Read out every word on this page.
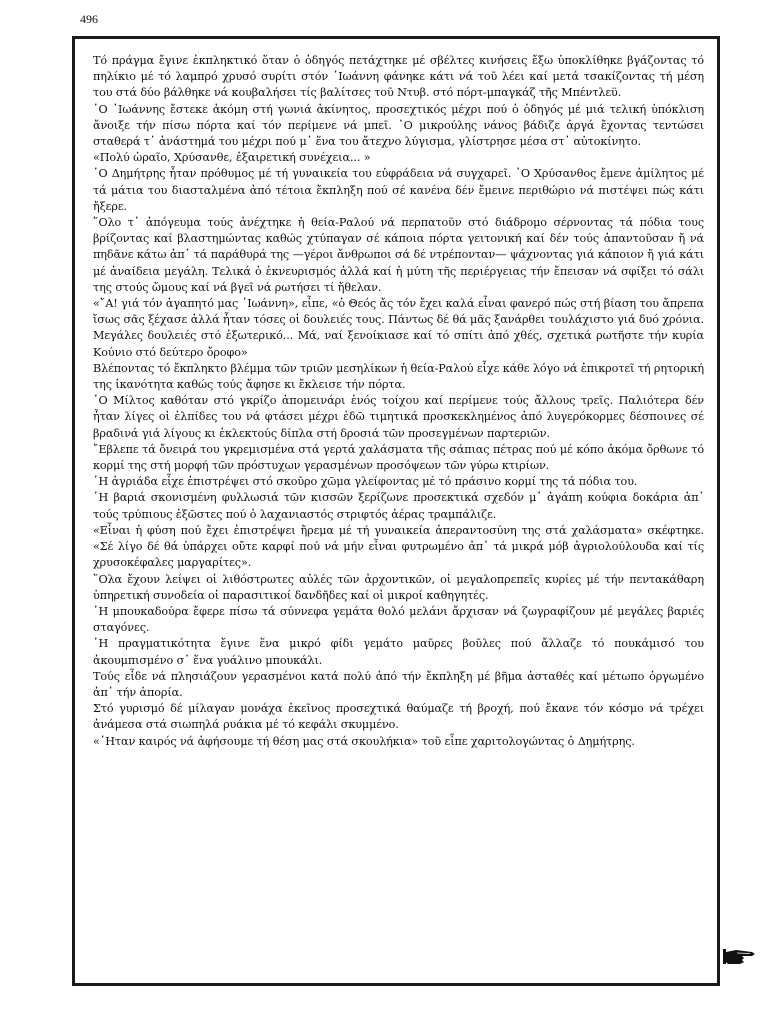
496

Τό πράγμα ἔγινε ἐκπληκτικό ὅταν ὁ ὁδηγός πετάχτηκε μέ σβέλτες κινήσεις ἔξω ὑποκλίθηκε βγάζοντας τό πηλίκιο μέ τό λαμπρό χρυσό συρίτι στόν ᾽Ιωάννη φάνηκε κάτι νά τοῦ λέει καί μετά τσακίζοντας τή μέση του στά δύο βάλθηκε νά κουβαλήσει τίς βαλίτσες τοῦ Ντυβ. στό πόρτ-μπαγκάζ τῆς Μπέντλεϋ.

῾Ο ᾽Ιωάννης ἔστεκε ἀκόμη στή γωνιά ἀκίνητος, προσεχτικός μέχρι πού ὁ ὁδηγός μέ μιά τελική ὑπόκλιση ἄνοιξε τήν πίσω πόρτα καί τόν περίμενε νά μπεῖ. ῾Ο μικρούλης νάνος βάδιζε ἀργά ἔχοντας τεντώσει σταθερά τ᾽ ἀνάστημά του μέχρι πού μ᾽ ἕνα του ἄτεχνο λύγισμα, γλίστρησε μέσα στ᾽ αὐτοκίνητο.

«Πολύ ὡραῖο, Χρύσανθε, ἐξαιρετική συνέχεια... »

῾Ο Δημήτρης ἦταν πρόθυμος μέ τή γυναικεία του εὐφράδεια νά συγχαρεῖ. ῾Ο Χρύσανθος ἔμενε ἀμίλητος μέ τά μάτια του διασταλμένα ἀπό τέτοια ἔκπληξη πού σέ κανένα δέν ἔμεινε περιθώριο νά πιστέψει πώς κάτι ἤξερε.

῞Ολο τ᾽ ἀπόγευμα τούς ἀνέχτηκε ἡ θεία-Ραλού νά περπατοῦν στό διάδρομο σέρνοντας τά πόδια τους βρίζοντας καί βλαστημώντας καθώς χτύπαγαν σέ κάποια πόρτα γειτονική καί δέν τούς ἀπαντοῦσαν ἤ νά πηδᾶνε κάτω ἀπ᾽ τά παράθυρά της —γέροι ἄνθρωποι σά δέ ντρέπονταν— ψάχνοντας γιά κάποιον ἤ γιά κάτι μέ ἀναίδεια μεγάλη. Τελικά ὁ ἐκνευρισμός ἀλλά καί ἡ μύτη τῆς περιέργειας τήν ἔπεισαν νά σφίξει τό σάλι της στούς ὤμους καί νά βγεῖ νά ρωτήσει τί ἤθελαν.

«῎Α! γιά τόν ἀγαπητό μας ᾽Ιωάννη», εἶπε, «ὁ Θεός ἄς τόν ἔχει καλά εἶναι φανερό πώς στή βίαση του ἄπρεπα ἴσως σᾶς ξέχασε ἀλλά ἦταν τόσες οἱ δουλειές τους. Πάντως δέ θά μᾶς ξανάρθει τουλάχιστο γιά δυό χρόνια. Μεγάλες δουλειές στό ἐξωτερικό... Μά, ναί ξενοίκιασε καί τό σπίτι ἀπό χθές, σχετικά ρωτῆστε τήν κυρία Κούνιο στό δεύτερο ὄροφο»

Βλέποντας τό ἔκπληκτο βλέμμα τῶν τριῶν μεσηλίκων ἡ θεία-Ραλού εἶχε κάθε λόγο νά ἐπικροτεῖ τή ρητορική της ἱκανότητα καθώς τούς ἄφησε κι ἔκλεισε τήν πόρτα.

῾Ο Μίλτος καθόταν στό γκρίζο ἀπομεινάρι ἑνός τοίχου καί περίμενε τούς ἄλλους τρεῖς. Παλιότερα δέν ἦταν λίγες οἱ ἐλπίδες του νά φτάσει μέχρι ἐδῶ τιμητικά προσκεκλημένος ἀπό λυγερόκορμες δέσποινες σέ βραδινά γιά λίγους κι ἐκλεκτούς δίπλα στή δροσιά τῶν προσεγμένων παρτεριῶν.

῎Εβλεπε τά ὄνειρά του γκρεμισμένα στά γερτά χαλάσματα τῆς σάπιας πέτρας πού μέ κόπο ἀκόμα ὄρθωνε τό κορμί της στή μορφή τῶν πρόστυχων γερασμένων προσόψεων τῶν γύρω κτιρίων.

῾Η ἀγριάδα εἶχε ἐπιστρέψει στό σκοῦρο χῶμα γλείφοντας μέ τό πράσινο κορμί της τά πόδια του.

῾Η βαριά σκονισμένη φυλλωσιά τῶν κισσῶν ξερίζωνε προσεκτικά σχεδόν μ᾽ ἀγάπη κούφια δοκάρια ἀπ᾽ τούς τρύπιους ἐξῶστες πού ὁ λαχανιαστός στριφτός ἀέρας τραμπάλιζε.

«Εἶναι ἡ φύση πού ἔχει ἐπιστρέψει ἤρεμα μέ τή γυναικεία ἀπεραντοσύνη της στά χαλάσματα» σκέφτηκε. «Σέ λίγο δέ θά ὑπάρχει οὔτε καρφί πού νά μήν εἶναι φυτρωμένο ἀπ᾽ τά μικρά μόβ ἀγριολούλουδα καί τίς χρυσοκέφαλες μαργαρίτες».

῞Ολα ἔχουν λείψει οἱ λιθόστρωτες αὐλές τῶν ἀρχοντικῶν, οἱ μεγαλοπρεπεῖς κυρίες μέ τήν πεντακάθαρη ὑπηρετική συνοδεία οἱ παρασιτικοί δανδῆδες καί οἱ μικροί καθηγητές.

῾Η μπουκαδούρα ἔφερε πίσω τά σύννεφα γεμάτα θολό μελάνι ἄρχισαν νά ζωγραφίζουν μέ μεγάλες βαριές σταγόνες.

῾Η πραγματικότητα ἔγινε ἕνα μικρό φίδι γεμάτο μαῦρες βοῦλες πού ἄλλαζε τό πουκάμισό του ἀκουμπισμένο σ᾽ ἕνα γυάλινο μπουκάλι.

Τούς εἶδε νά πλησιάζουν γερασμένοι κατά πολύ ἀπό τήν ἔκπληξη μέ βῆμα ἀσταθές καί μέτωπο ὀργωμένο ἀπ᾽ τήν ἀπορία.

Στό γυρισμό δέ μίλαγαν μονάχα ἐκεῖνος προσεχτικά θαύμαζε τή βροχή, πού ἔκανε τόν κόσμο νά τρέχει ἀνάμεσα στά σιωπηλά ρυάκια μέ τό κεφάλι σκυμμένο.

«᾽Ηταν καιρός νά ἀφήσουμε τή θέση μας στά σκουλήκια» τοῦ εἶπε χαριτολογώντας ὁ Δημήτρης.
